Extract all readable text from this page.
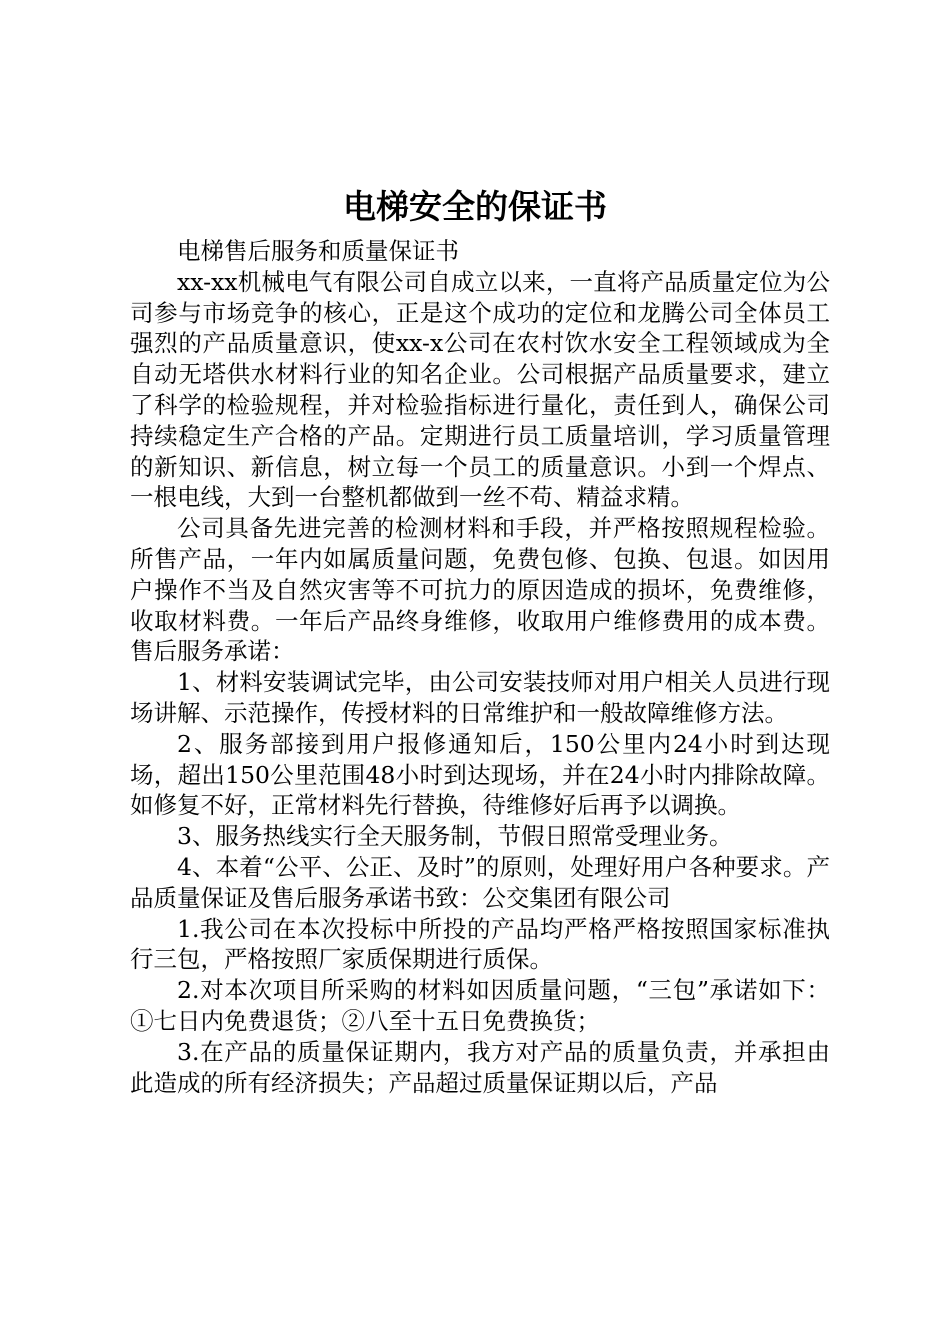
电梯安全的保证书

电梯售后服务和质量保证书

xx-xx机械电气有限公司自成立以来，一直将产品质量定位为公司参与市场竞争的核心，正是这个成功的定位和龙腾公司全体员工强烈的产品质量意识，使xx-x公司在农村饮水安全工程领域成为全自动无塔供水材料行业的知名企业。公司根据产品质量要求，建立了科学的检验规程，并对检验指标进行量化，责任到人，确保公司持续稳定生产合格的产品。定期进行员工质量培训，学习质量管理的新知识、新信息，树立每一个员工的质量意识。小到一个焊点、一根电线，大到一台整机都做到一丝不苟、精益求精。

公司具备先进完善的检测材料和手段，并严格按照规程检验。所售产品，一年内如属质量问题，免费包修、包换、包退。如因用户操作不当及自然灾害等不可抗力的原因造成的损坏，免费维修，收取材料费。一年后产品终身维修，收取用户维修费用的成本费。售后服务承诺：

1、材料安装调试完毕，由公司安装技师对用户相关人员进行现场讲解、示范操作，传授材料的日常维护和一般故障维修方法。

2、服务部接到用户报修通知后，150公里内24小时到达现场，超出150公里范围48小时到达现场，并在24小时内排除故障。如修复不好，正常材料先行替换，待维修好后再予以调换。

3、服务热线实行全天服务制，节假日照常受理业务。

4、本着“公平、公正、及时”的原则，处理好用户各种要求。产品质量保证及售后服务承诺书致：公交集团有限公司

1.我公司在本次投标中所投的产品均严格严格按照国家标准执行三包，严格按照厂家质保期进行质保。

2.对本次项目所采购的材料如因质量问题，“三包”承诺如下：①七日内免费退货；②八至十五日免费换货；

3.在产品的质量保证期内，我方对产品的质量负责，并承担由此造成的所有经济损失；产品超过质量保证期以后，产品
